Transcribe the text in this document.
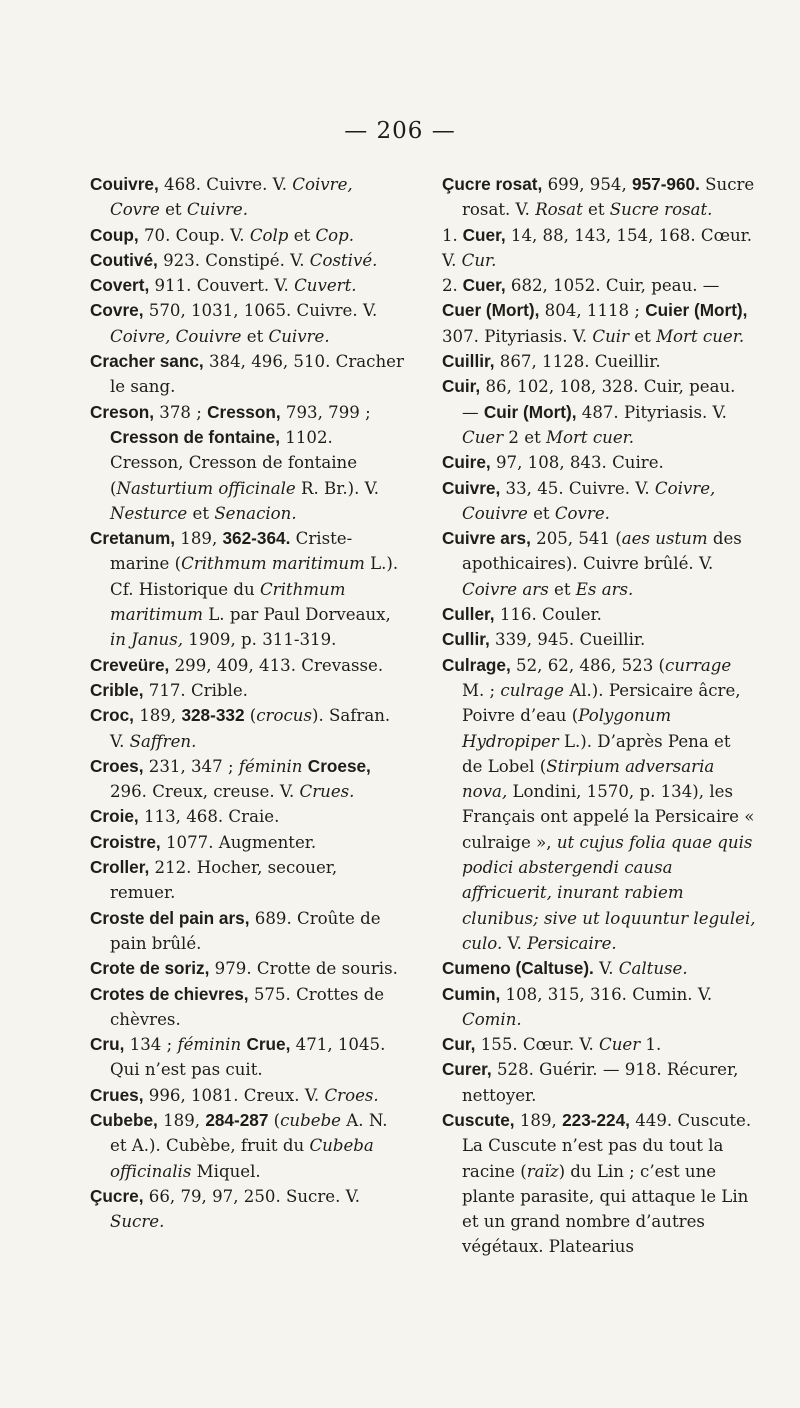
— 206 —

Couivre, 468. Cuivre. V. Coivre, Covre et Cuivre.

Coup, 70. Coup. V. Colp et Cop.

Coutivé, 923. Constipé. V. Costivé.

Covert, 911. Couvert. V. Cuvert.

Covre, 570, 1031, 1065. Cuivre. V. Coivre, Couivre et Cuivre.

Cracher sanc, 384, 496, 510. Cracher le sang.

Creson, 378 ; Cresson, 793, 799 ; Cresson de fontaine, 1102. Cresson, Cresson de fontaine (Nasturtium officinale R. Br.). V. Nesturce et Senacion.

Cretanum, 189, 362-364. Criste-marine (Crithmum maritimum L.). Cf. Historique du Crithmum maritimum L. par Paul Dorveaux, in Janus, 1909, p. 311-319.

Creveüre, 299, 409, 413. Crevasse.

Crible, 717. Crible.

Croc, 189, 328-332 (crocus). Safran. V. Saffren.

Croes, 231, 347 ; féminin Croese, 296. Creux, creuse. V. Crues.

Croie, 113, 468. Craie.

Croistre, 1077. Augmenter.

Croller, 212. Hocher, secouer, remuer.

Croste del pain ars, 689. Croûte de pain brûlé.

Crote de soriz, 979. Crotte de souris.

Crotes de chievres, 575. Crottes de chèvres.

Cru, 134 ; féminin Crue, 471, 1045. Qui n’est pas cuit.

Crues, 996, 1081. Creux. V. Croes.

Cubebe, 189, 284-287 (cubebe A. N. et A.). Cubèbe, fruit du Cubeba officinalis Miquel.

Çucre, 66, 79, 97, 250. Sucre. V. Sucre.

Çucre rosat, 699, 954, 957-960. Sucre rosat. V. Rosat et Sucre rosat.

1. Cuer, 14, 88, 143, 154, 168. Cœur. V. Cur.

2. Cuer, 682, 1052. Cuir, peau. — Cuer (Mort), 804, 1118 ; Cuier (Mort), 307. Pityriasis. V. Cuir et Mort cuer.

Cuillir, 867, 1128. Cueillir.

Cuir, 86, 102, 108, 328. Cuir, peau. — Cuir (Mort), 487. Pityriasis. V. Cuer 2 et Mort cuer.

Cuire, 97, 108, 843. Cuire.

Cuivre, 33, 45. Cuivre. V. Coivre, Couivre et Covre.

Cuivre ars, 205, 541 (aes ustum des apothicaires). Cuivre brûlé. V. Coivre ars et Es ars.

Culler, 116. Couler.

Cullir, 339, 945. Cueillir.

Culrage, 52, 62, 486, 523 (currage M. ; culrage Al.). Persicaire âcre, Poivre d’eau (Polygonum Hydropiper L.). D’après Pena et de Lobel (Stirpium adversaria nova, Londini, 1570, p. 134), les Français ont appelé la Persicaire « culraige », ut cujus folia quae quis podici abstergendi causa affricuerit, inurant rabiem clunibus; sive ut loquuntur legulei, culo. V. Persicaire.

Cumeno (Caltuse). V. Caltuse.

Cumin, 108, 315, 316. Cumin. V. Comin.

Cur, 155. Cœur. V. Cuer 1.

Curer, 528. Guérir. — 918. Récurer, nettoyer.

Cuscute, 189, 223-224, 449. Cuscute. La Cuscute n’est pas du tout la racine (raïz) du Lin ; c’est une plante parasite, qui attaque le Lin et un grand nombre d’autres végétaux. Platearius
